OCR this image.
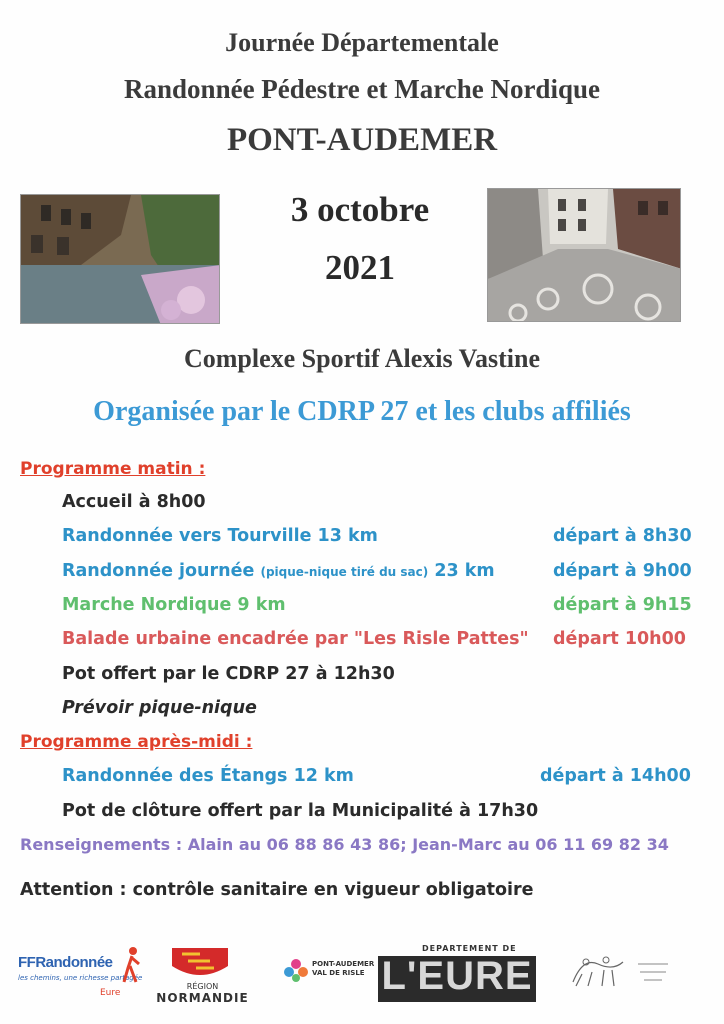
Journée Départementale
Randonnée Pédestre et Marche Nordique
PONT-AUDEMER
3 octobre
2021
Complexe Sportif Alexis Vastine
Organisée par le CDRP 27 et les clubs affiliés
Programme matin :
Accueil à 8h00
Randonnée vers Tourville 13 km	départ à 8h30
Randonnée journée (pique-nique tiré du sac) 23 km	départ à 9h00
Marche Nordique 9 km	départ à 9h15
Balade urbaine encadrée par "Les Risle Pattes" départ 10h00
Pot offert par le CDRP 27 à 12h30
Prévoir pique-nique
Programme après-midi :
Randonnée des Étangs 12 km	départ à 14h00
Pot de clôture offert par la Municipalité à 17h30
Renseignements : Alain au 06 88 86 43 86; Jean-Marc au 06 11 69 82 34
Attention : contrôle sanitaire en vigueur obligatoire
FFRandonnée
les chemins, une richesse partagée
Eure
RÉGION
NORMANDIE
PONT-AUDEMER
VAL DE RISLE
DEPARTEMENT DE
L'EURE
